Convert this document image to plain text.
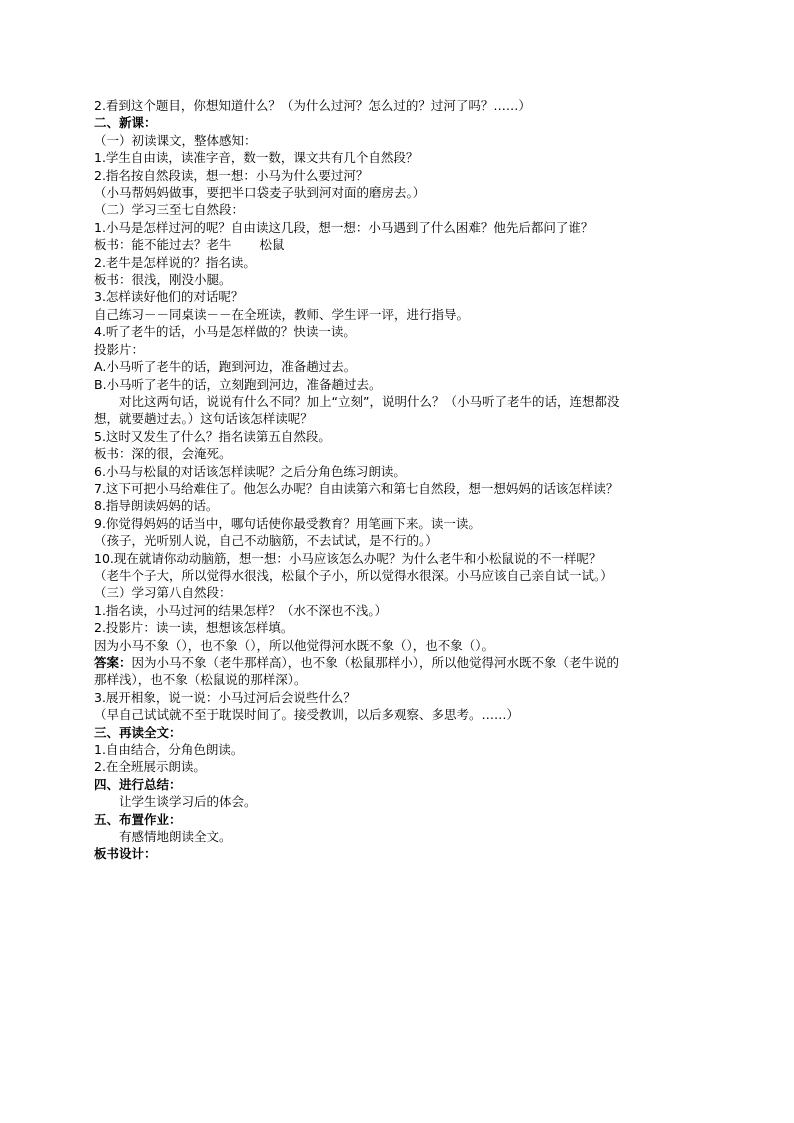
2.看到这个题目，你想知道什么？（为什么过河？怎么过的？过河了吗？……）
二、新课：
（一）初读课文，整体感知：
1.学生自由读，读准字音，数一数，课文共有几个自然段？
2.指名按自然段读，想一想：小马为什么要过河？
（小马帮妈妈做事，要把半口袋麦子驮到河对面的磨房去。）
（二）学习三至七自然段：
1.小马是怎样过河的呢？自由读这几段，想一想：小马遇到了什么困难？他先后都问了谁？
板书：能不能过去？老牛 松鼠
2.老牛是怎样说的？指名读。
板书：很浅，刚没小腿。
3.怎样读好他们的对话呢？
自己练习－－同桌读－－在全班读，教师、学生评一评，进行指导。
4.听了老牛的话，小马是怎样做的？快读一读。
投影片：
A.小马听了老牛的话，跑到河边，准备趟过去。
B.小马听了老牛的话，立刻跑到河边，准备趟过去。
对比这两句话，说说有什么不同？加上“立刻”，说明什么？（小马听了老牛的话，连想都没
想，就要趟过去。）这句话该怎样读呢？
5.这时又发生了什么？指名读第五自然段。
板书：深的很，会淹死。
6.小马与松鼠的对话该怎样读呢？之后分角色练习朗读。
7.这下可把小马给难住了。他怎么办呢？自由读第六和第七自然段，想一想妈妈的话该怎样读？
8.指导朗读妈妈的话。
9.你觉得妈妈的话当中，哪句话使你最受教育？用笔画下来。读一读。
（孩子，光听别人说，自己不动脑筋，不去试试，是不行的。）
10.现在就请你动动脑筋，想一想：小马应该怎么办呢？为什么老牛和小松鼠说的不一样呢？
（老牛个子大，所以觉得水很浅，松鼠个子小，所以觉得水很深。小马应该自己亲自试一试。）
（三）学习第八自然段：
1.指名读，小马过河的结果怎样？（水不深也不浅。）
2.投影片：读一读，想想该怎样填。
因为小马不象（），也不象（），所以他觉得河水既不象（），也不象（）。
答案：因为小马不象（老牛那样高），也不象（松鼠那样小），所以他觉得河水既不象（老牛说的
那样浅），也不象（松鼠说的那样深）。
3.展开相象，说一说：小马过河后会说些什么？
（早自己试试就不至于耽误时间了。接受教训，以后多观察、多思考。……）
三、再读全文：
1.自由结合，分角色朗读。
2.在全班展示朗读。
四、进行总结：
让学生谈学习后的体会。
五、布置作业：
有感情地朗读全文。
板书设计：
